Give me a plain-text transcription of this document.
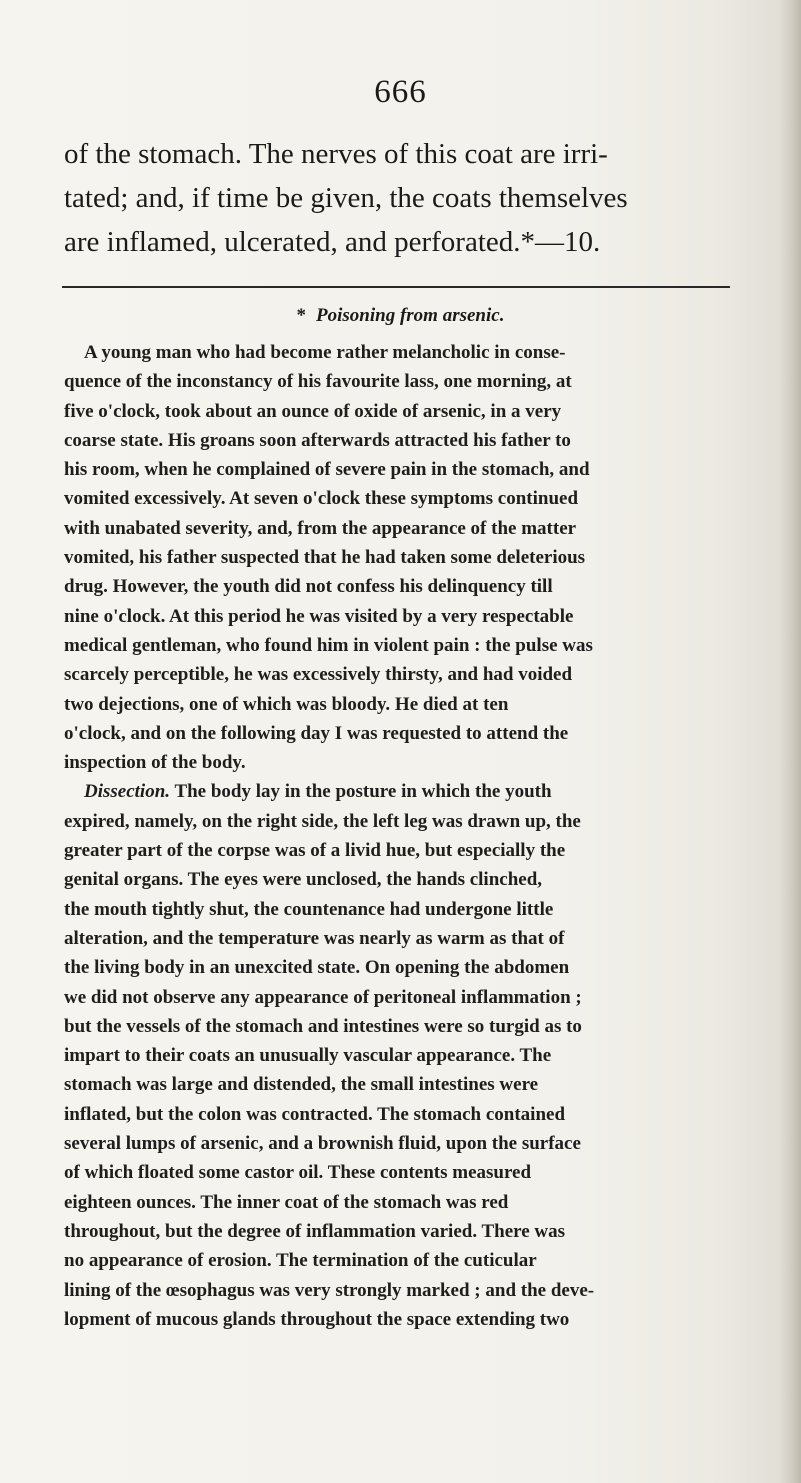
666
of the stomach. The nerves of this coat are irri-
tated; and, if time be given, the coats themselves
are inflamed, ulcerated, and perforated.*—10.
* Poisoning from arsenic.
A young man who had become rather melancholic in conse-
quence of the inconstancy of his favourite lass, one morning, at
five o'clock, took about an ounce of oxide of arsenic, in a very
coarse state. His groans soon afterwards attracted his father to
his room, when he complained of severe pain in the stomach, and
vomited excessively. At seven o'clock these symptoms continued
with unabated severity, and, from the appearance of the matter
vomited, his father suspected that he had taken some deleterious
drug. However, the youth did not confess his delinquency till
nine o'clock. At this period he was visited by a very respectable
medical gentleman, who found him in violent pain : the pulse was
scarcely perceptible, he was excessively thirsty, and had voided
two dejections, one of which was bloody. He died at ten
o'clock, and on the following day I was requested to attend the
inspection of the body.
Dissection. The body lay in the posture in which the youth
expired, namely, on the right side, the left leg was drawn up, the
greater part of the corpse was of a livid hue, but especially the
genital organs. The eyes were unclosed, the hands clinched,
the mouth tightly shut, the countenance had undergone little
alteration, and the temperature was nearly as warm as that of
the living body in an unexcited state. On opening the abdomen
we did not observe any appearance of peritoneal inflammation ;
but the vessels of the stomach and intestines were so turgid as to
impart to their coats an unusually vascular appearance. The
stomach was large and distended, the small intestines were
inflated, but the colon was contracted. The stomach contained
several lumps of arsenic, and a brownish fluid, upon the surface
of which floated some castor oil. These contents measured
eighteen ounces. The inner coat of the stomach was red
throughout, but the degree of inflammation varied. There was
no appearance of erosion. The termination of the cuticular
lining of the œsophagus was very strongly marked ; and the deve-
lopment of mucous glands throughout the space extending two
